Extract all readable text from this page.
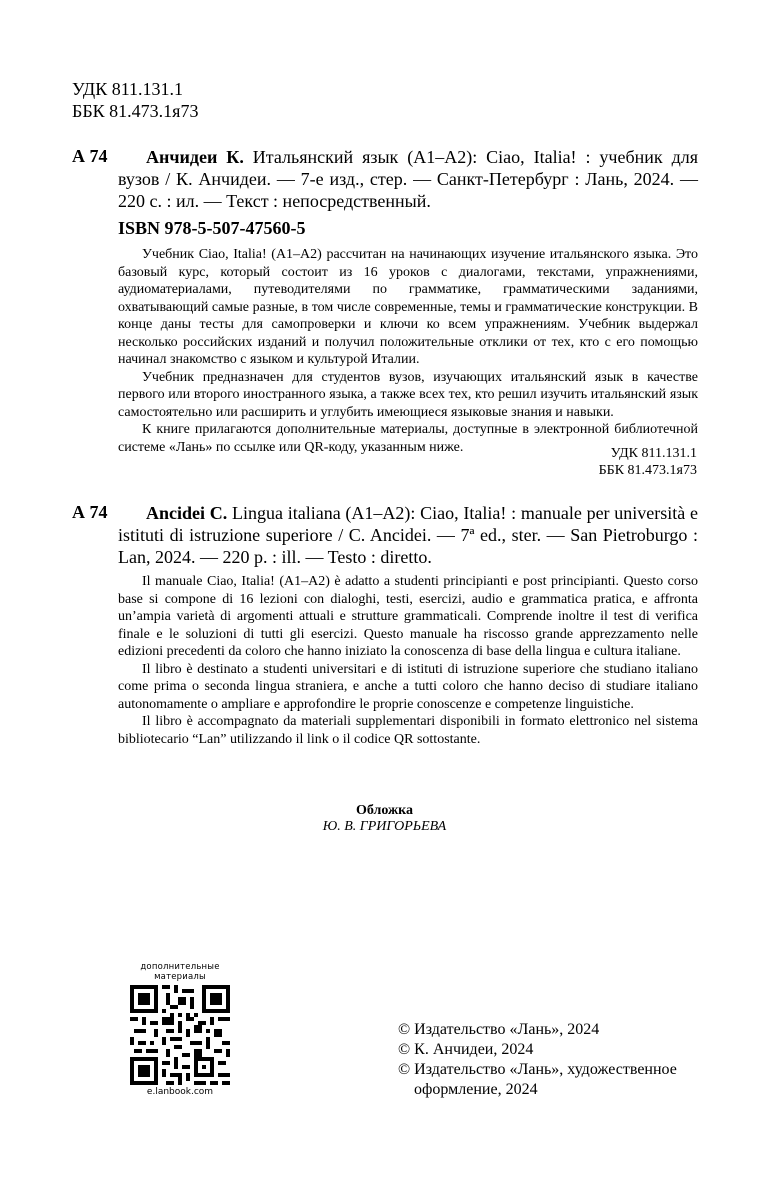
УДК 811.131.1
ББК 81.473.1я73
А 74	Анчидеи К. Итальянский язык (А1–А2): Ciao, Italia! : учебник для вузов / К. Анчидеи. — 7-е изд., стер. — Санкт-Петербург : Лань, 2024. — 220 с. : ил. — Текст : непосредственный.
ISBN 978-5-507-47560-5

Учебник Ciao, Italia! (А1–А2) рассчитан на начинающих изучение итальянского языка. Это базовый курс, который состоит из 16 уроков с диалогами, текстами, упражнениями, аудиоматериалами, путеводителями по грамматике, грамматическими заданиями, охватывающий самые разные, в том числе современные, темы и грамматические конструкции. В конце даны тесты для самопроверки и ключи ко всем упражнениям. Учебник выдержал несколько российских изданий и получил положительные отклики от тех, кто с его помощью начинал знакомство с языком и культурой Италии.

Учебник предназначен для студентов вузов, изучающих итальянский язык в качестве первого или второго иностранного языка, а также всех тех, кто решил изучить итальянский язык самостоятельно или расширить и углубить имеющиеся языковые знания и навыки.

К книге прилагаются дополнительные материалы, доступные в электронной библиотечной системе «Лань» по ссылке или QR-коду, указанным ниже.	УДК 811.131.1
ББК 81.473.1я73
А 74	Ancidei C. Lingua italiana (A1–A2): Ciao, Italia! : manuale per università e istituti di istruzione superiore / C. Ancidei. — 7ª ed., ster. — San Pietroburgo : Lan, 2024. — 220 p. : ill. — Testo : diretto.

Il manuale Ciao, Italia! (A1–A2) è adatto a studenti principianti e post principianti. Questo corso base si compone di 16 lezioni con dialoghi, testi, esercizi, audio e grammatica pratica, e affronta un’ampia varietà di argomenti attuali e strutture grammaticali. Comprende inoltre il test di verifica finale e le soluzioni di tutti gli esercizi. Questo manuale ha riscosso grande apprezzamento nelle edizioni precedenti da coloro che hanno iniziato la conoscenza di base della lingua e cultura italiane.

Il libro è destinato a studenti universitari e di istituti di istruzione superiore che studiano italiano come prima o seconda lingua straniera, e anche a tutti coloro che hanno deciso di studiare italiano autonomamente o ampliare e approfondire le proprie conoscenze e competenze linguistiche.

Il libro è accompagnato da materiali supplementari disponibili in formato elettronico nel sistema bibliotecario “Lan” utilizzando il link o il codice QR sottostante.

Обложка
Ю. В. ГРИГОРЬЕВА
дополнительные
материалы
e.lanbook.com
© Издательство «Лань», 2024
© К. Анчидеи, 2024
© Издательство «Лань», художественное
оформление, 2024
